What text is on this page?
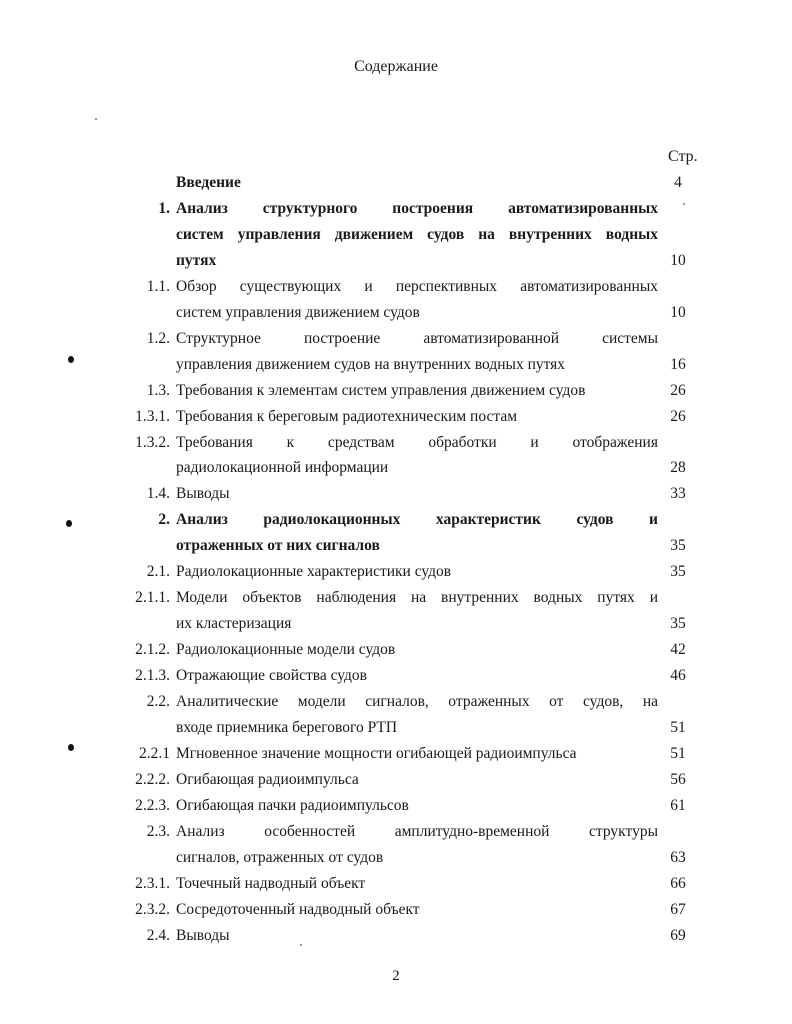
Содержание
Стр.
Введение	4
1. Анализ структурного построения автоматизированных
систем управления движением судов на внутренних водных
путях	10
1.1. Обзор существующих и перспективных автоматизированных
систем управления движением судов	10
1.2. Структурное построение автоматизированной системы
управления движением судов на внутренних водных путях	16
1.3. Требования к элементам систем управления движением судов	26
1.3.1. Требования к береговым радиотехническим постам	26
1.3.2. Требования к средствам обработки и отображения
радиолокационной информации	28
1.4. Выводы	33
2. Анализ радиолокационных характеристик судов и
отраженных от них сигналов	35
2.1. Радиолокационные характеристики судов	35
2.1.1. Модели объектов наблюдения на внутренних водных путях и
их кластеризация	35
2.1.2. Радиолокационные модели судов	42
2.1.3. Отражающие свойства судов	46
2.2. Аналитические модели сигналов, отраженных от судов, на
входе приемника берегового РТП	51
2.2.1 Мгновенное значение мощности огибающей радиоимпульса	51
2.2.2. Огибающая радиоимпульса	56
2.2.3. Огибающая пачки радиоимпульсов	61
2.3. Анализ особенностей амплитудно-временной структуры
сигналов, отраженных от судов	63
2.3.1. Точечный надводный объект	66
2.3.2. Сосредоточенный надводный объект	67
2.4. Выводы	69
2
